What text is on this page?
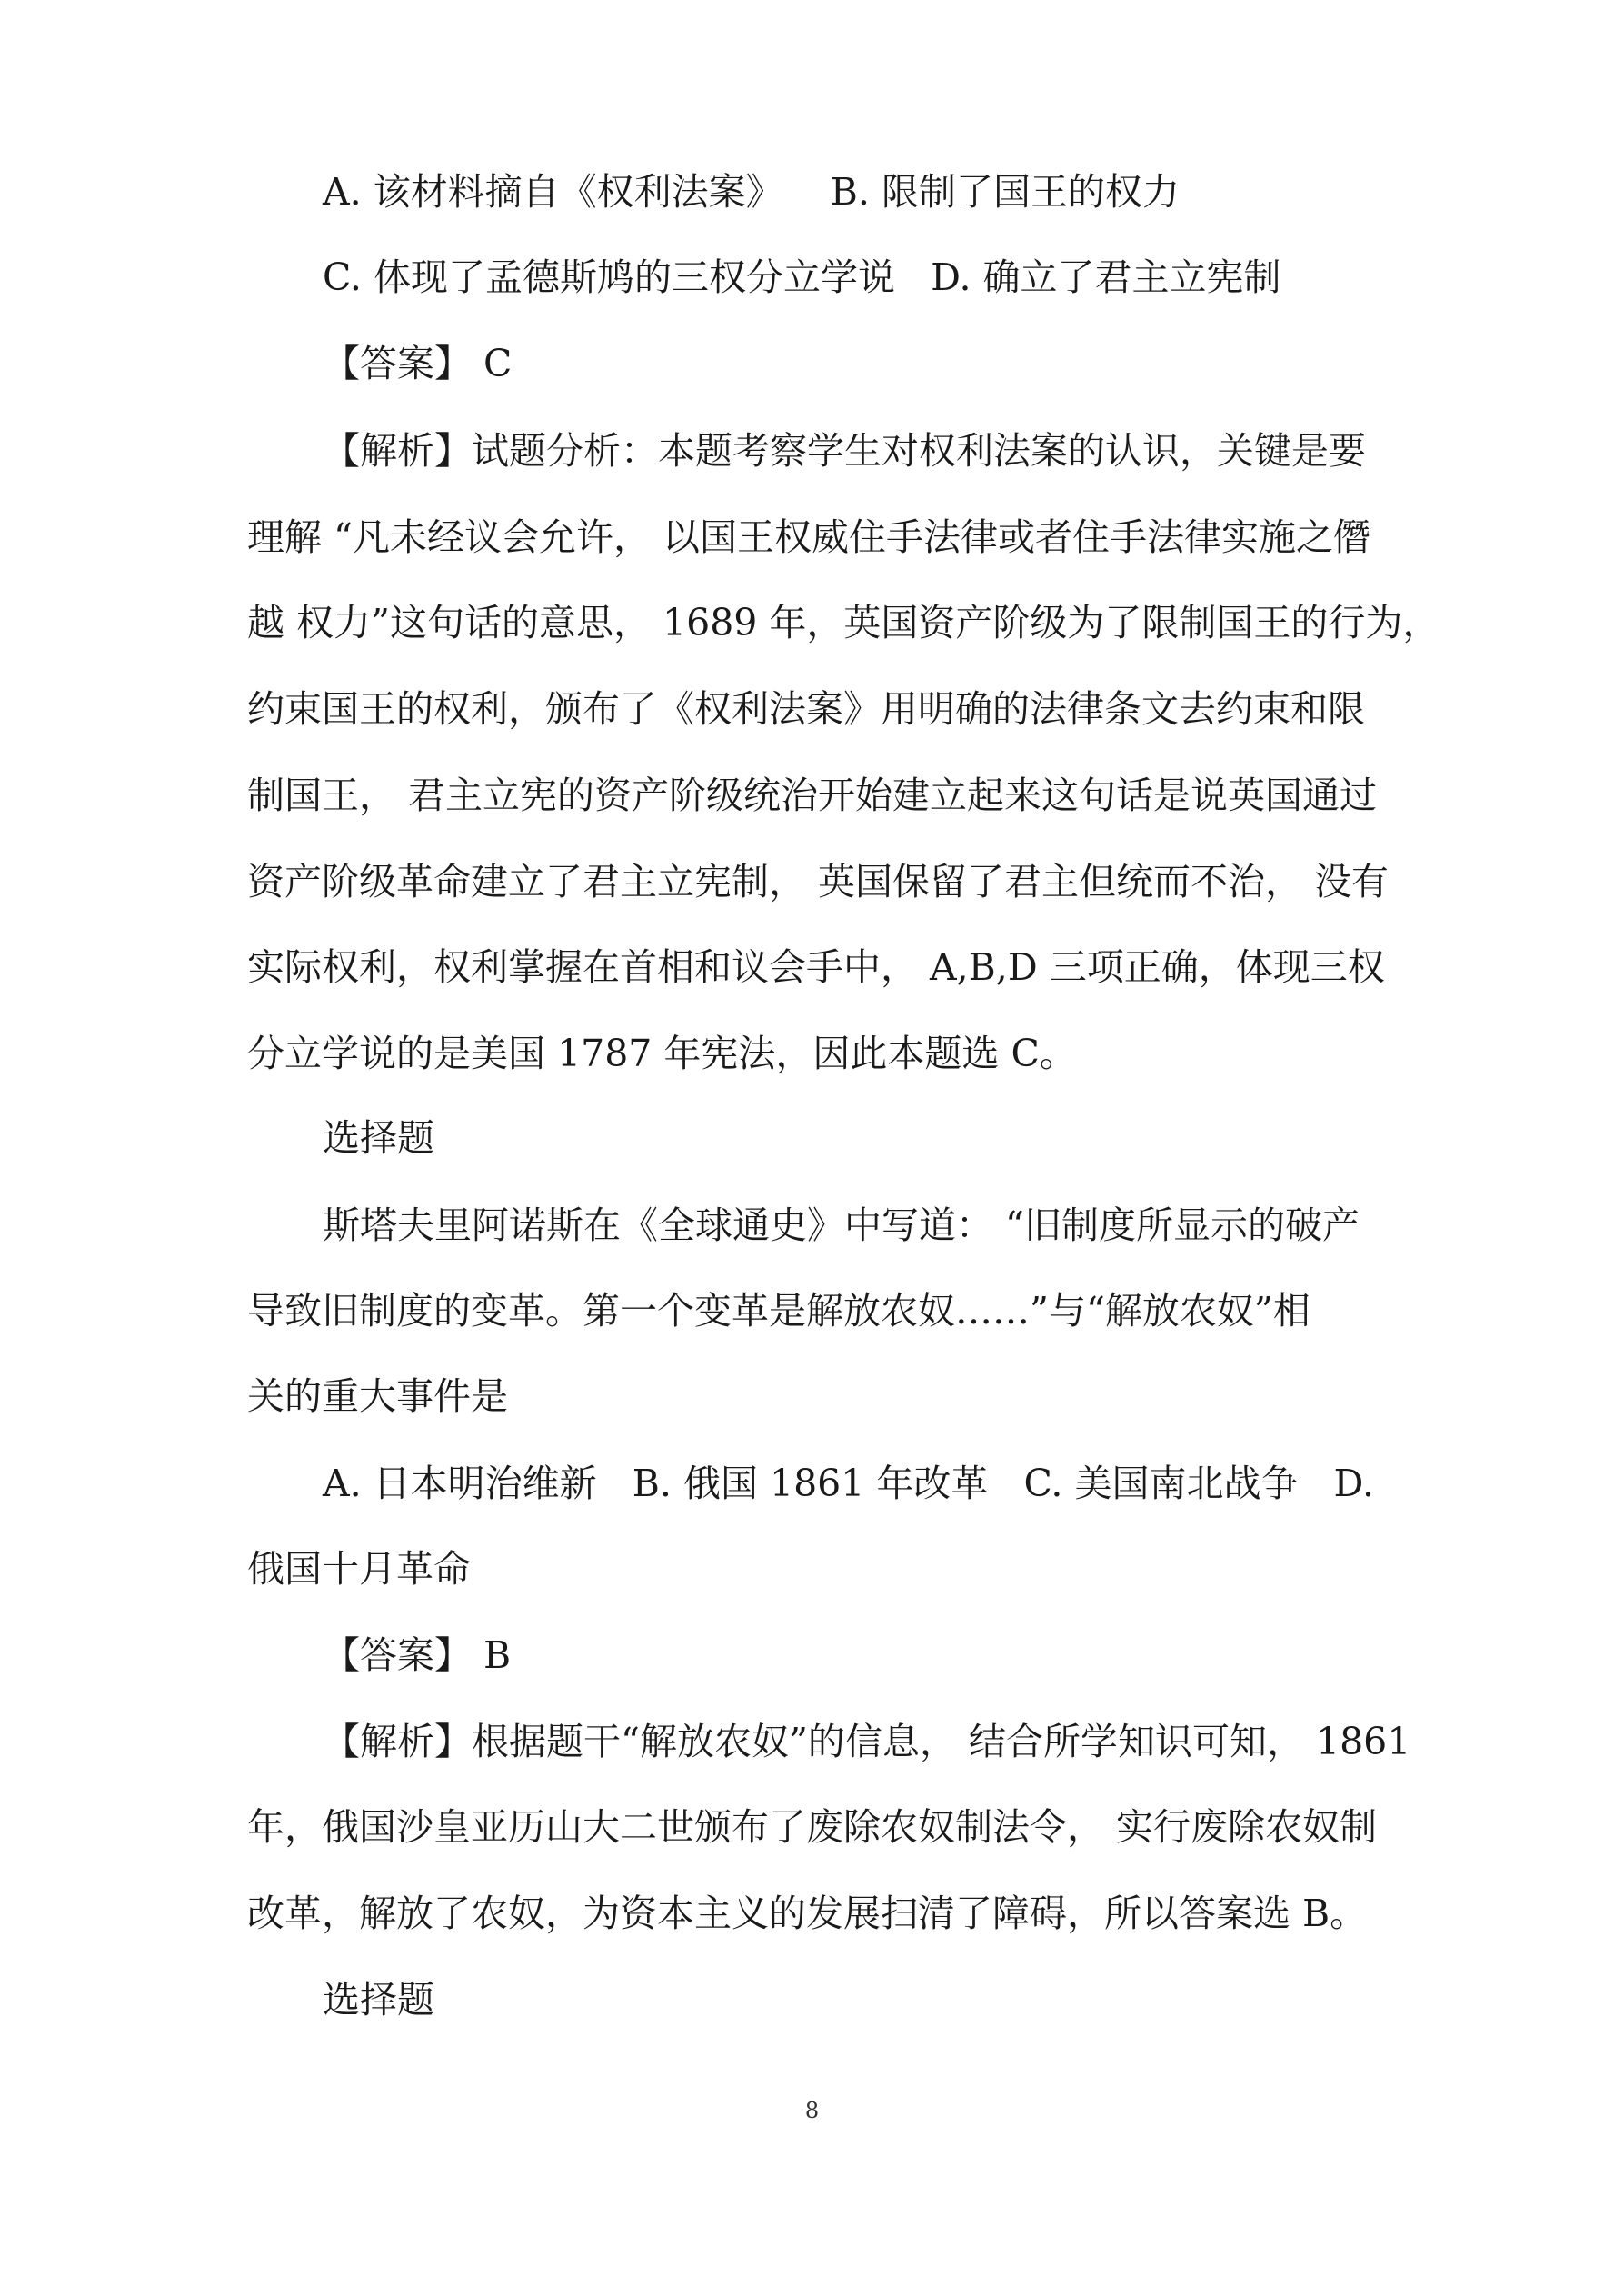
A. 该材料摘自《权利法案》    B. 限制了国王的权力

C. 体现了孟德斯鸠的三权分立学说   D. 确立了君主立宪制

【答案】 C

【解析】试题分析：本题考察学生对权利法案的认识，关键是要

理解 “凡未经议会允许， 以国王权威住手法律或者住手法律实施之僭

越 权力”这句话的意思， 1689 年，英国资产阶级为了限制国王的行为，

约束国王的权利，颁布了《权利法案》用明确的法律条文去约束和限

制国王， 君主立宪的资产阶级统治开始建立起来这句话是说英国通过

资产阶级革命建立了君主立宪制， 英国保留了君主但统而不治， 没有

实际权利，权利掌握在首相和议会手中， A,B,D 三项正确，体现三权

分立学说的是美国 1787 年宪法，因此本题选 C。

选择题

斯塔夫里阿诺斯在《全球通史》中写道： “旧制度所显示的破产

导致旧制度的变革。第一个变革是解放农奴……”与“解放农奴”相

关的重大事件是

A. 日本明治维新   B. 俄国 1861 年改革   C. 美国南北战争   D.

俄国十月革命

【答案】 B

【解析】根据题干“解放农奴”的信息， 结合所学知识可知， 1861

年，俄国沙皇亚历山大二世颁布了废除农奴制法令， 实行废除农奴制

改革，解放了农奴，为资本主义的发展扫清了障碍，所以答案选 B。

选择题

8
